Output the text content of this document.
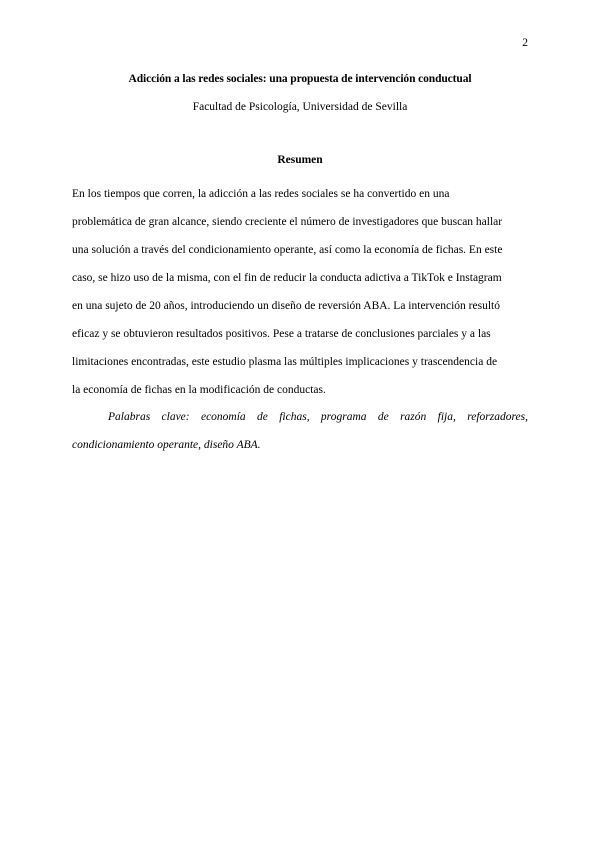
2
Adicción a las redes sociales: una propuesta de intervención conductual
Facultad de Psicología, Universidad de Sevilla
Resumen
En los tiempos que corren, la adicción a las redes sociales se ha convertido en una
problemática de gran alcance, siendo creciente el número de investigadores que buscan hallar
una solución a través del condicionamiento operante, así como la economía de fichas. En este
caso, se hizo uso de la misma, con el fin de reducir la conducta adictiva a TikTok e Instagram
en una sujeto de 20 años, introduciendo un diseño de reversión ABA. La intervención resultó
eficaz y se obtuvieron resultados positivos. Pese a tratarse de conclusiones parciales y a las
limitaciones encontradas, este estudio plasma las múltiples implicaciones y trascendencia de
la economía de fichas en la modificación de conductas.
Palabras clave: economía de fichas, programa de razón fija, reforzadores,
condicionamiento operante, diseño ABA.
